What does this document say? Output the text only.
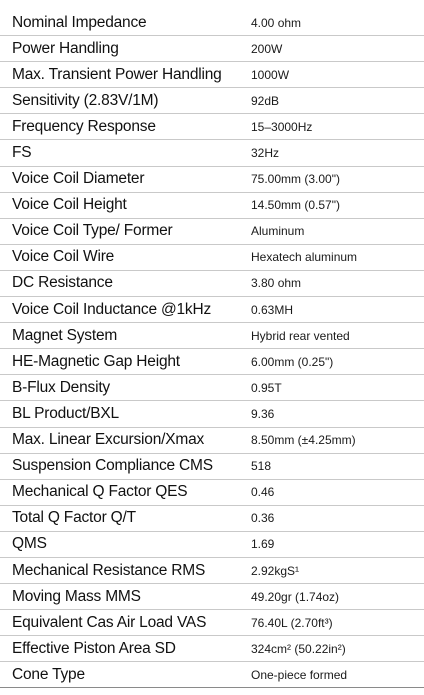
Nominal Impedance	4.00 ohm
Power Handling	200W
Max. Transient Power Handling	1000W
Sensitivity (2.83V/1M)	92dB
Frequency Response	15–3000Hz
FS	32Hz
Voice Coil Diameter	75.00mm (3.00")
Voice Coil Height	14.50mm (0.57")
Voice Coil Type/ Former	Aluminum
Voice Coil Wire	Hexatech aluminum
DC Resistance	3.80 ohm
Voice Coil Inductance @1kHz	0.63MH
Magnet System	Hybrid rear vented
HE-Magnetic Gap Height	6.00mm (0.25")
B-Flux Density	0.95T
BL Product/BXL	9.36
Max. Linear Excursion/Xmax	8.50mm (±4.25mm)
Suspension Compliance CMS	518
Mechanical Q Factor QES	0.46
Total Q Factor Q/T	0.36
QMS	1.69
Mechanical Resistance RMS	2.92kgS¹
Moving Mass MMS	49.20gr (1.74oz)
Equivalent Cas Air Load VAS	76.40L (2.70ft³)
Effective Piston Area SD	324cm² (50.22in²)
Cone Type	One-piece formed
